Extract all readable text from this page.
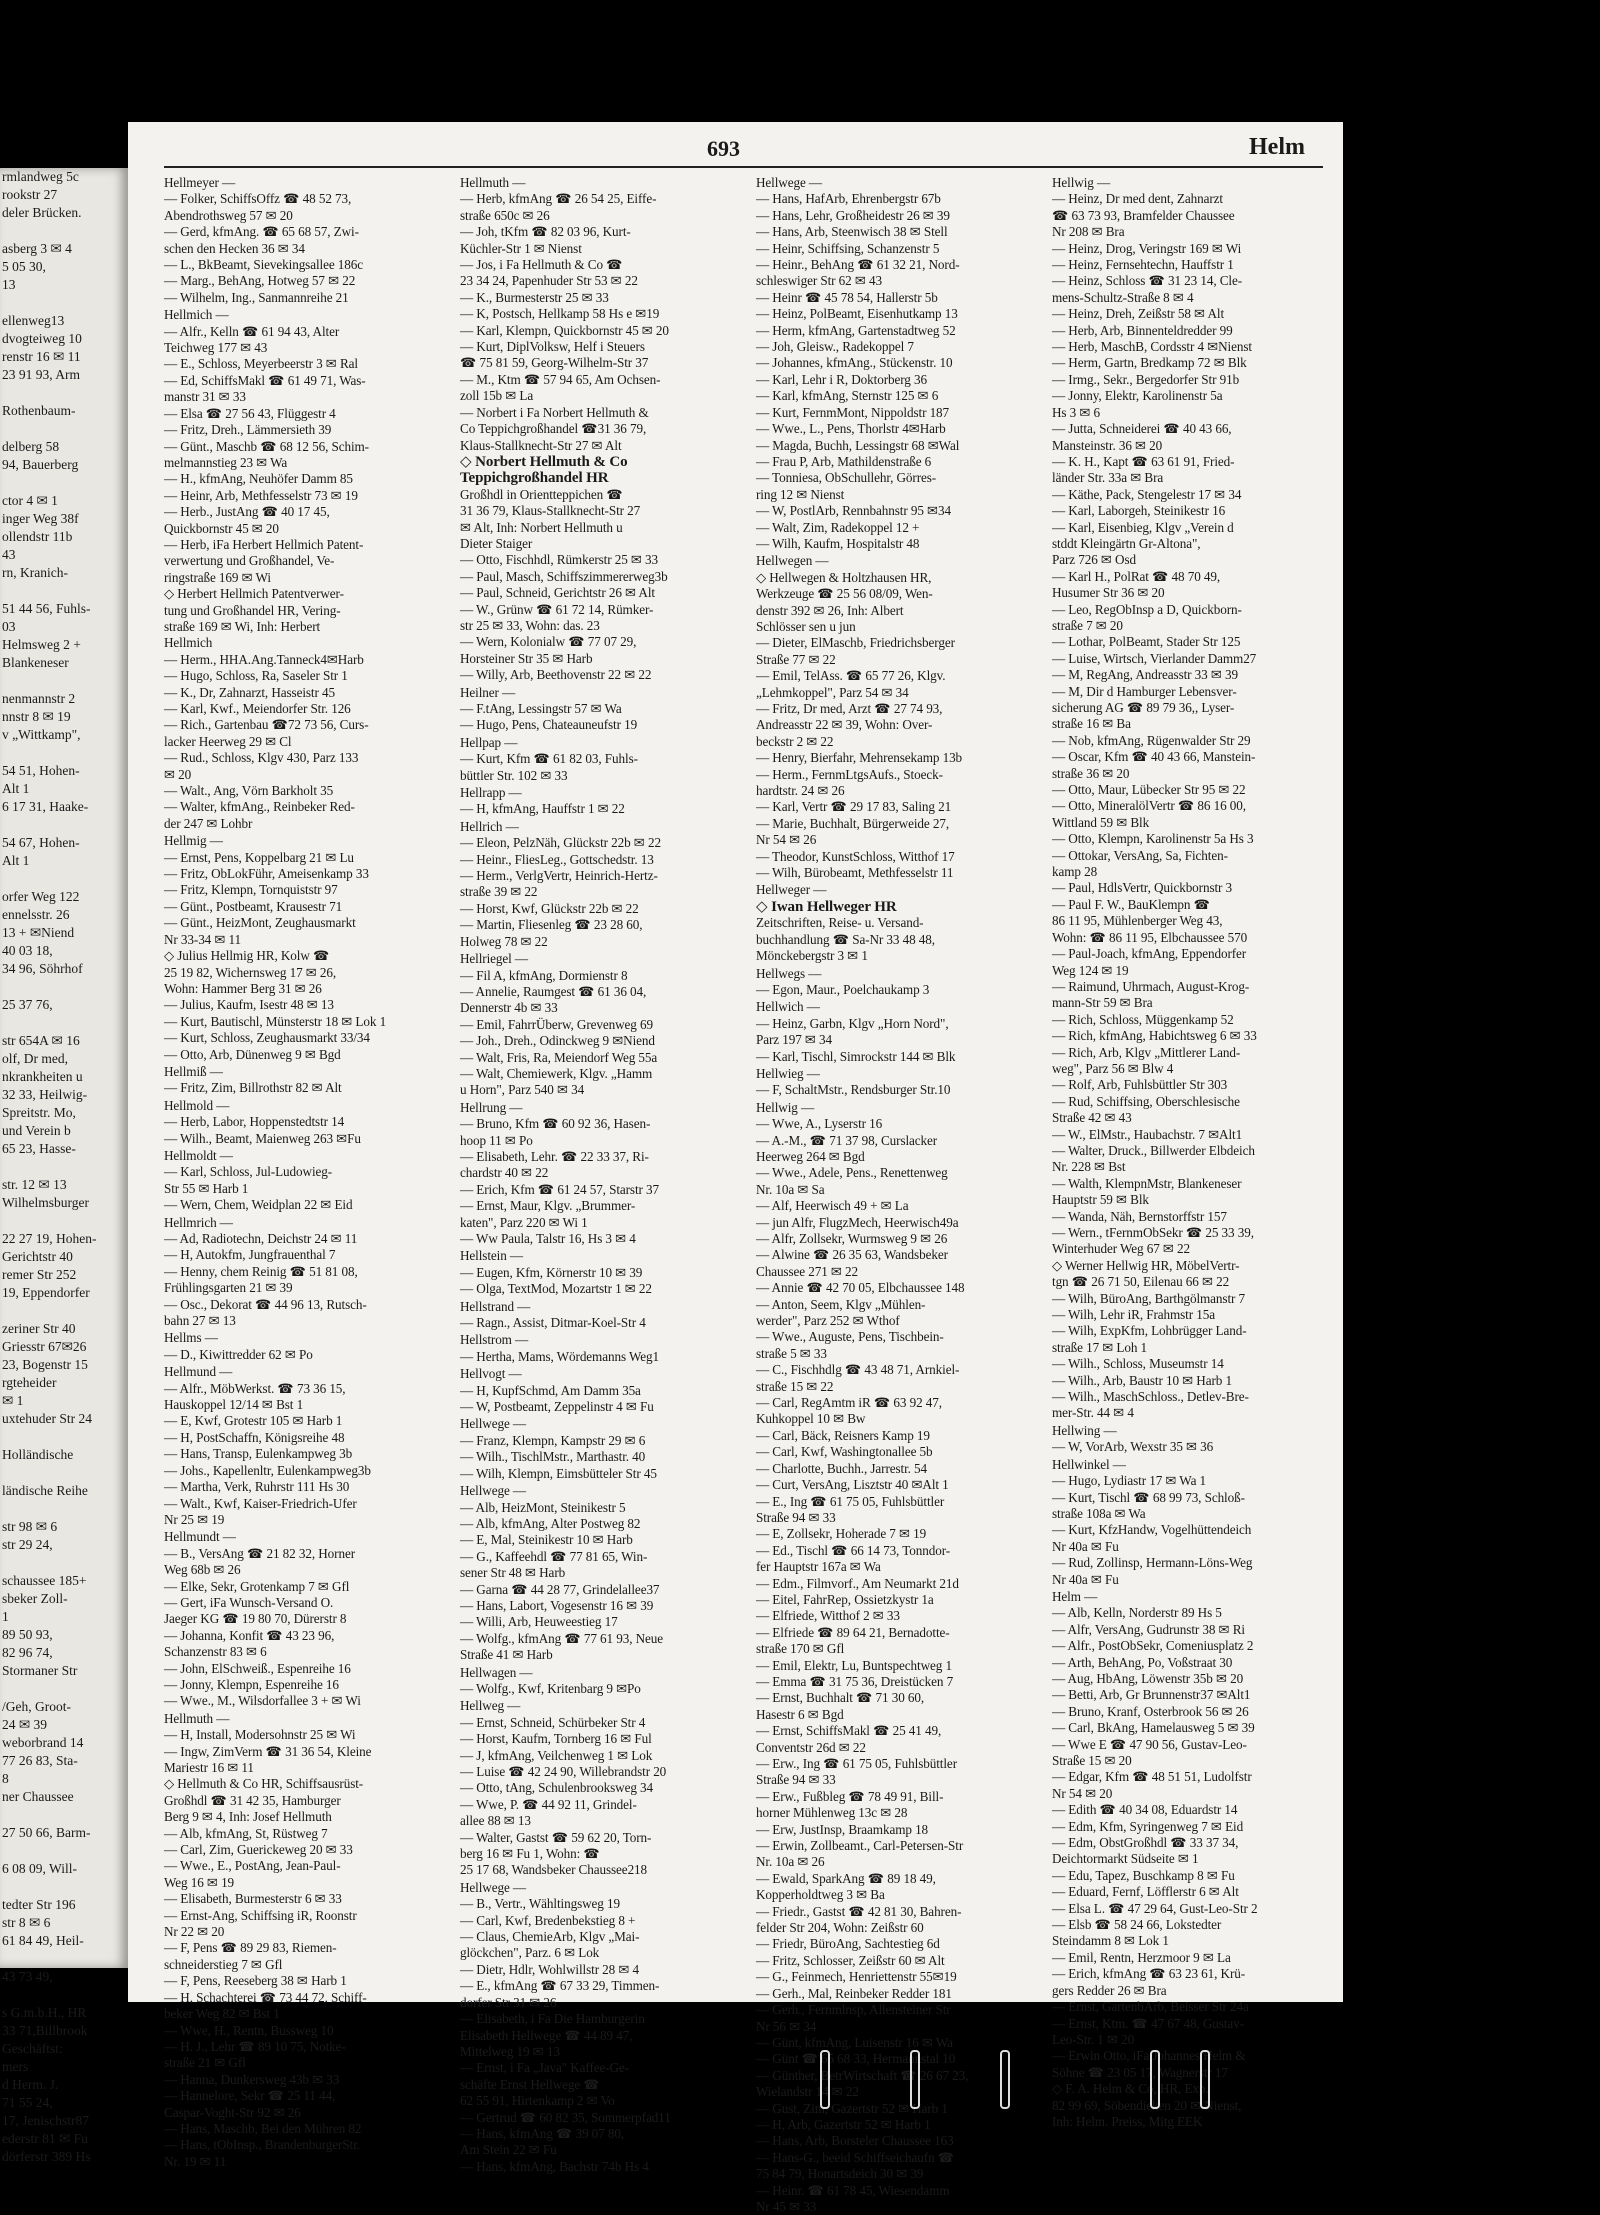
rmlandweg 5c
rookstr 27
deler Brücken.

asberg 3 ✉ 4
5 05 30,
13

ellenweg13
dvogteiweg 10
renstr 16 ✉ 11
23 91 93, Arm

Rothenbaum-

delberg 58
94, Bauerberg

ctor 4 ✉ 1
inger Weg 38f
ollendstr 11b
43
rn, Kranich-

51 44 56, Fuhls-
03
Helmsweg 2 +
Blankeneser

nenmannstr 2
nnstr 8 ✉ 19
v „Wittkamp",

54 51, Hohen-
Alt 1
6 17 31, Haake-

54 67, Hohen-
Alt 1

orfer Weg 122
ennelsstr. 26
13 + ✉Niend
40 03 18,
34 96, Söhrhof

25 37 76,

str 654A ✉ 16
olf, Dr med,
nkrankheiten u
32 33, Heilwig-
Spreitstr. Mo,
und Verein b
65 23, Hasse-

str. 12 ✉ 13
Wilhelmsburger

22 27 19, Hohen-
Gerichtstr 40
remer Str 252
19, Eppendorfer

zeriner Str 40
Griesstr 67✉26
23, Bogenstr 15
rgteheider
✉ 1
uxtehuder Str 24

Holländische

ländische Reihe

str 98 ✉ 6
str 29 24,

schaussee 185+
sbeker Zoll-
1
89 50 93,
82 96 74,
Stormaner Str

/Geh, Groot-
24 ✉ 39
weborbrand 14
77 26 83, Sta-
8
ner Chaussee

27 50 66, Barm-

6 08 09, Will-

tedter Str 196
str 8 ✉ 6
61 84 49, Heil-

43 73 49,

s G.m.b.H., HR
33 71,Billbrook
Geschäftst:
mers
d Herm. J.
71 55 24,
17, Jenischstr87
ederstr 81 ✉ Fu
dörferstr 389 Hs
693	Helm
Hellmeyer —
— Folker, SchiffsOffz ☎ 48 52 73,
Abendrothsweg 57 ✉ 20
— Gerd, kfmAng. ☎ 65 68 57, Zwi-
schen den Hecken 36 ✉ 34
— L., BkBeamt, Sievekingsallee 186c
— Marg., BehAng, Hotweg 57 ✉ 22
— Wilhelm, Ing., Sanmannreihe 21
Hellmich —
— Alfr., Kelln ☎ 61 94 43, Alter
Teichweg 177 ✉ 43
— E., Schloss, Meyerbeerstr 3 ✉ Ral
— Ed, SchiffsMakl ☎ 61 49 71, Was-
manstr 31 ✉ 33
— Elsa ☎ 27 56 43, Flüggestr 4
— Fritz, Dreh., Lämmersieth 39
— Günt., Maschb ☎ 68 12 56, Schim-
melmannstieg 23 ✉ Wa
— H., kfmAng, Neuhöfer Damm 85
— Heinr, Arb, Methfesselstr 73 ✉ 19
— Herb., JustAng ☎ 40 17 45,
Quickbornstr 45 ✉ 20
— Herb, iFa Herbert Hellmich Patent-
verwertung und Großhandel, Ve-
ringstraße 169 ✉ Wi
◇ Herbert Hellmich Patentverwer-
tung und Großhandel HR, Vering-
straße 169 ✉ Wi, Inh: Herbert
Hellmich
— Herm., HHA.Ang.Tanneck4✉Harb
— Hugo, Schloss, Ra, Saseler Str 1
— K., Dr, Zahnarzt, Hasseistr 45
— Karl, Kwf., Meiendorfer Str. 126
— Rich., Gartenbau ☎72 73 56, Curs-
lacker Heerweg 29 ✉ Cl
— Rud., Schloss, Klgv 430, Parz 133
✉ 20
— Walt., Ang, Vörn Barkholt 35
— Walter, kfmAng., Reinbeker Red-
der 247 ✉ Lohbr
Hellmig —
— Ernst, Pens, Koppelbarg 21 ✉ Lu
— Fritz, ObLokFühr, Ameisenkamp 33
— Fritz, Klempn, Tornquiststr 97
— Günt., Postbeamt, Krausestr 71
— Günt., HeizMont, Zeughausmarkt
Nr 33-34 ✉ 11
◇ Julius Hellmig HR, Kolw ☎
25 19 82, Wichernsweg 17 ✉ 26,
Wohn: Hammer Berg 31 ✉ 26
— Julius, Kaufm, Isestr 48 ✉ 13
— Kurt, Bautischl, Münsterstr 18 ✉ Lok 1
— Kurt, Schloss, Zeughausmarkt 33/34
— Otto, Arb, Dünenweg 9 ✉ Bgd
Hellmiß —
— Fritz, Zim, Billrothstr 82 ✉ Alt
Hellmold —
— Herb, Labor, Hoppenstedtstr 14
— Wilh., Beamt, Maienweg 263 ✉Fu
Hellmoldt —
— Karl, Schloss, Jul-Ludowieg-
Str 55 ✉ Harb 1
— Wern, Chem, Weidplan 22 ✉ Eid
Hellmrich —
— Ad, Radiotechn, Deichstr 24 ✉ 11
— H, Autokfm, Jungfrauenthal 7
— Henny, chem Reinig ☎ 51 81 08,
Frühlingsgarten 21 ✉ 39
— Osc., Dekorat ☎ 44 96 13, Rutsch-
bahn 27 ✉ 13
Hellms —
— D., Kiwittredder 62 ✉ Po
Hellmund —
— Alfr., MöbWerkst. ☎ 73 36 15,
Hauskoppel 12/14 ✉ Bst 1
— E, Kwf, Grotestr 105 ✉ Harb 1
— H, PostSchaffn, Königsreihe 48
— Hans, Transp, Eulenkampweg 3b
— Johs., Kapellenltr, Eulenkampweg3b
— Martha, Verk, Ruhrstr 111 Hs 30
— Walt., Kwf, Kaiser-Friedrich-Ufer
Nr 25 ✉ 19
Hellmundt —
— B., VersAng ☎ 21 82 32, Horner
Weg 68b ✉ 26
— Elke, Sekr, Grotenkamp 7 ✉ Gfl
— Gert, iFa Wunsch-Versand O.
Jaeger KG ☎ 19 80 70, Dürerstr 8
— Johanna, Konfit ☎ 43 23 96,
Schanzenstr 83 ✉ 6
— John, ElSchweiß., Espenreihe 16
— Jonny, Klempn, Espenreihe 16
— Wwe., M., Wilsdorfallee 3 + ✉ Wi
Hellmuth —
— H, Install, Modersohnstr 25 ✉ Wi
— Ingw, ZimVerm ☎ 31 36 54, Kleine
Mariestr 16 ✉ 11
◇ Hellmuth & Co HR, Schiffsausrüst-
Großhdl ☎ 31 42 35, Hamburger
Berg 9 ✉ 4, Inh: Josef Hellmuth
— Alb, kfmAng, St, Rüstweg 7
— Carl, Zim, Guerickeweg 20 ✉ 33
— Wwe., E., PostAng, Jean-Paul-
Weg 16 ✉ 19
— Elisabeth, Burmesterstr 6 ✉ 33
— Ernst-Ang, Schiffsing iR, Roonstr
Nr 22 ✉ 20
— F, Pens ☎ 89 29 83, Riemen-
schneiderstieg 7 ✉ Gfl
— F, Pens, Reeseberg 38 ✉ Harb 1
— H, Schachterei ☎ 73 44 72, Schiff-
beker Weg 82 ✉ Bst 1
— Wwe, H., Rentn, Bussweg 10
— H. J., Lehr ☎ 89 10 75, Notke-
straße 21 ✉ Gfl
— Hanna, Dunkersweg 43b ✉ 33
— Hannelore, Sekr ☎ 25 11 44,
Caspar-Voght-Str 92 ✉ 26
— Hans, Maschb, Bei den Mühren 82
— Hans, tObInsp., BrandenburgerStr.
Nr. 19 ✉ 11
Hellmuth —
— Herb, kfmAng ☎ 26 54 25, Eiffe-
straße 650c ✉ 26
— Joh, tKfm ☎ 82 03 96, Kurt-
Küchler-Str 1 ✉ Nienst
— Jos, i Fa Hellmuth & Co ☎
23 34 24, Papenhuder Str 53 ✉ 22
— K., Burmesterstr 25 ✉ 33
— K, Postsch, Hellkamp 58 Hs e ✉19
— Karl, Klempn, Quickbornstr 45 ✉ 20
— Kurt, DiplVolksw, Helf i Steuers
☎ 75 81 59, Georg-Wilhelm-Str 37
— M., Ktm ☎ 57 94 65, Am Ochsen-
zoll 15b ✉ La
— Norbert i Fa Norbert Hellmuth &
Co Teppichgroßhandel ☎31 36 79,
Klaus-Stallknecht-Str 27 ✉ Alt
◇ Norbert Hellmuth & Co
Teppichgroßhandel HR
Großhdl in Orientteppichen ☎
31 36 79, Klaus-Stallknecht-Str 27
✉ Alt, Inh: Norbert Hellmuth u
Dieter Staiger
— Otto, Fischhdl, Rümkerstr 25 ✉ 33
— Paul, Masch, Schiffszimmererweg3b
— Paul, Schneid, Gerichtstr 26 ✉ Alt
— W., Grünw ☎ 61 72 14, Rümker-
str 25 ✉ 33, Wohn: das. 23
— Wern, Kolonialw ☎ 77 07 29,
Horsteiner Str 35 ✉ Harb
— Willy, Arb, Beethovenstr 22 ✉ 22
Heilner —
— F.tAng, Lessingstr 57 ✉ Wa
— Hugo, Pens, Chateauneufstr 19
Hellpap —
— Kurt, Kfm ☎ 61 82 03, Fuhls-
büttler Str. 102 ✉ 33
Hellrapp —
— H, kfmAng, Hauffstr 1 ✉ 22
Hellrich —
— Eleon, PelzNäh, Glückstr 22b ✉ 22
— Heinr., FliesLeg., Gottschedstr. 13
— Herm., VerlgVertr, Heinrich-Hertz-
straße 39 ✉ 22
— Horst, Kwf, Glückstr 22b ✉ 22
— Martin, Fliesenleg ☎ 23 28 60,
Holweg 78 ✉ 22
Hellriegel —
— Fil A, kfmAng, Dormienstr 8
— Annelie, Raumgest ☎ 61 36 04,
Dennerstr 4b ✉ 33
— Emil, FahrrÜberw, Grevenweg 69
— Joh., Dreh., Odinckweg 9 ✉Niend
— Walt, Fris, Ra, Meiendorf Weg 55a
— Walt, Chemiewerk, Klgv. „Hamm
u Horn", Parz 540 ✉ 34
Hellrung —
— Bruno, Kfm ☎ 60 92 36, Hasen-
hoop 11 ✉ Po
— Elisabeth, Lehr. ☎ 22 33 37, Ri-
chardstr 40 ✉ 22
— Erich, Kfm ☎ 61 24 57, Starstr 37
— Ernst, Maur, Klgv. „Brummer-
katen", Parz 220 ✉ Wi 1
— Ww Paula, Talstr 16, Hs 3 ✉ 4
Hellstein —
— Eugen, Kfm, Körnerstr 10 ✉ 39
— Olga, TextMod, Mozartstr 1 ✉ 22
Hellstrand —
— Ragn., Assist, Ditmar-Koel-Str 4
Hellstrom —
— Hertha, Mams, Wördemanns Weg1
Hellvogt —
— H, KupfSchmd, Am Damm 35a
— W, Postbeamt, Zeppelinstr 4 ✉ Fu
Hellwege —
— Franz, Klempn, Kampstr 29 ✉ 6
— Wilh., TischlMstr., Marthastr. 40
— Wilh, Klempn, Eimsbütteler Str 45
Hellwege —
— Alb, HeizMont, Steinikestr 5
— Alb, kfmAng, Alter Postweg 82
— E, Mal, Steinikestr 10 ✉ Harb
— G., Kaffeehdl ☎ 77 81 65, Win-
sener Str 48 ✉ Harb
— Garna ☎ 44 28 77, Grindelallee37
— Hans, Labort, Vogesenstr 16 ✉ 39
— Willi, Arb, Heuweestieg 17
— Wolfg., kfmAng ☎ 77 61 93, Neue
Straße 41 ✉ Harb
Hellwagen —
— Wolfg., Kwf, Kritenbarg 9 ✉Po
Hellweg —
— Ernst, Schneid, Schürbeker Str 4
— Horst, Kaufm, Tornberg 16 ✉ Ful
— J, kfmAng, Veilchenweg 1 ✉ Lok
— Luise ☎ 42 24 90, Willebrandstr 20
— Otto, tAng, Schulenbrooksweg 34
— Wwe, P. ☎ 44 92 11, Grindel-
allee 88 ✉ 13
— Walter, Gastst ☎ 59 62 20, Torn-
berg 16 ✉ Fu 1, Wohn: ☎
25 17 68, Wandsbeker Chaussee218
Hellwege —
— B., Vertr., Wähltingsweg 19
— Carl, Kwf, Bredenbekstieg 8 +
— Claus, ChemieArb, Klgv „Mai-
glöckchen", Parz. 6 ✉ Lok
— Dietr, Hdlr, Wohlwillstr 28 ✉ 4
— E., kfmAng ☎ 67 33 29, Timmen-
dorfer Str 31 ✉ 26
— Elisabeth, i Fa Die Hamburgerin
Elisabeth Hellwege ☎ 44 89 47,
Mittelweg 19 ✉ 13
— Ernst, i Fa „Java" Kaffee-Ge-
schäfte Ernst Hellwege ☎
62 55 91, Hirtenkamp 2 ✉ Vo
— Gertrud ☎ 60 82 35, Sommerpfad11
— Hans, kfmAng ☎ 39 07 80,
Am Stein 22 ✉ Fu
— Hans, kfmAng, Bachstr 74b Hs 4
Hellwege —
— Hans, HafArb, Ehrenbergstr 67b
— Hans, Lehr, Großheidestr 26 ✉ 39
— Hans, Arb, Steenwisch 38 ✉ Stell
— Heinr, Schiffsing, Schanzenstr 5
— Heinr., BehAng ☎ 61 32 21, Nord-
schleswiger Str 62 ✉ 43
— Heinr ☎ 45 78 54, Hallerstr 5b
— Heinz, PolBeamt, Eisenhutkamp 13
— Herm, kfmAng, Gartenstadtweg 52
— Joh, Gleisw., Radekoppel 7
— Johannes, kfmAng., Stückenstr. 10
— Karl, Lehr i R, Doktorberg 36
— Karl, kfmAng, Sternstr 125 ✉ 6
— Kurt, FernmMont, Nippoldstr 187
— Wwe., L., Pens, Thorlstr 4✉Harb
— Magda, Buchh, Lessingstr 68 ✉Wal
— Frau P, Arb, Mathildenstraße 6
— Tonniesa, ObSchullehr, Görres-
ring 12 ✉ Nienst
— W, PostlArb, Rennbahnstr 95 ✉34
— Walt, Zim, Radekoppel 12 +
— Wilh, Kaufm, Hospitalstr 48
Hellwegen —
◇ Hellwegen & Holtzhausen HR,
Werkzeuge ☎ 25 56 08/09, Wen-
denstr 392 ✉ 26, Inh: Albert
Schlösser sen u jun
— Dieter, ElMaschb, Friedrichsberger
Straße 77 ✉ 22
— Emil, TelAss. ☎ 65 77 26, Klgv.
„Lehmkoppel", Parz 54 ✉ 34
— Fritz, Dr med, Arzt ☎ 27 74 93,
Andreasstr 22 ✉ 39, Wohn: Over-
beckstr 2 ✉ 22
— Henry, Bierfahr, Mehrensekamp 13b
— Herm., FernmLtgsAufs., Stoeck-
hardtstr. 24 ✉ 26
— Karl, Vertr ☎ 29 17 83, Saling 21
— Marie, Buchhalt, Bürgerweide 27,
Nr 54 ✉ 26
— Theodor, KunstSchloss, Witthof 17
— Wilh, Bürobeamt, Methfesselstr 11
Hellweger —
◇ Iwan Hellweger HR
Zeitschriften, Reise- u. Versand-
buchhandlung ☎ Sa-Nr 33 48 48,
Mönckebergstr 3 ✉ 1
Hellwegs —
— Egon, Maur., Poelchaukamp 3
Hellwich —
— Heinz, Garbn, Klgv „Horn Nord",
Parz 197 ✉ 34
— Karl, Tischl, Simrockstr 144 ✉ Blk
Hellwieg —
— F, SchaltMstr., Rendsburger Str.10
Hellwig —
— Wwe, A., Lyserstr 16
— A.-M., ☎ 71 37 98, Curslacker
Heerweg 264 ✉ Bgd
— Wwe., Adele, Pens., Renettenweg
Nr. 10a ✉ Sa
— Alf, Heerwisch 49 + ✉ La
— jun Alfr, FlugzMech, Heerwisch49a
— Alfr, Zollsekr, Wurmsweg 9 ✉ 26
— Alwine ☎ 26 35 63, Wandsbeker
Chaussee 271 ✉ 22
— Annie ☎ 42 70 05, Elbchaussee 148
— Anton, Seem, Klgv „Mühlen-
werder", Parz 252 ✉ Wthof
— Wwe., Auguste, Pens, Tischbein-
straße 5 ✉ 33
— C., Fischhdlg ☎ 43 48 71, Arnkiel-
straße 15 ✉ 22
— Carl, RegAmtm iR ☎ 63 92 47,
Kuhkoppel 10 ✉ Bw
— Carl, Bäck, Reisners Kamp 19
— Carl, Kwf, Washingtonallee 5b
— Charlotte, Buchh., Jarrestr. 54
— Curt, VersAng, Lisztstr 40 ✉Alt 1
— E., Ing ☎ 61 75 05, Fuhlsbüttler
Straße 94 ✉ 33
— E, Zollsekr, Hoherade 7 ✉ 19
— Ed., Tischl ☎ 66 14 73, Tonndor-
fer Hauptstr 167a ✉ Wa
— Edm., Filmvorf., Am Neumarkt 21d
— Eitel, FahrRep, Ossietzkystr 1a
— Elfriede, Witthof 2 ✉ 33
— Elfriede ☎ 89 64 21, Bernadotte-
straße 170 ✉ Gfl
— Emil, Elektr, Lu, Buntspechtweg 1
— Emma ☎ 31 75 36, Dreistücken 7
— Ernst, Buchhalt ☎ 71 30 60,
Hasestr 6 ✉ Bgd
— Ernst, SchiffsMakl ☎ 25 41 49,
Conventstr 26d ✉ 22
— Erw., Ing ☎ 61 75 05, Fuhlsbüttler
Straße 94 ✉ 33
— Erw., Fußbleg ☎ 78 49 91, Bill-
horner Mühlenweg 13c ✉ 28
— Erw, JustInsp, Braamkamp 18
— Erwin, Zollbeamt., Carl-Petersen-Str
Nr. 10a ✉ 26
— Ewald, SparkAng ☎ 89 18 49,
Kopperholdtweg 3 ✉ Ba
— Friedr., Gastst ☎ 42 81 30, Bahren-
felder Str 204, Wohn: Zeißstr 60
— Friedr, BüroAng, Sachtestieg 6d
— Fritz, Schlosser, Zeißstr 60 ✉ Alt
— G., Feinmech, Henriettenstr 55✉19
— Gerh., Mal, Reinbeker Redder 181
— Gerh., Fernmlnsp, Allensteiner Str
Nr 56 ✉ 34
— Günt, kfmAng, Luisenstr 16 ✉ Wa
— Günt ☎ 65 68 33, Hermannstal 10
— Günther, BetrWirtschaft ☎ 26 67 23,
Wielandstr 14 ✉ 22
— Gust, Zim, Gazertstr 52 ✉ Harb 1
— H, Arb, Gazertstr 52 ✉ Harb 1
— Hans, Arb, Borsteler Chaussee 163
— Hans-G., beeid Schiffseichaufn ☎
75 84 79, Honartsdeich 30 ✉ 39
— Heinr. ☎ 61 78 45, Wiesendamm
Nr 45 ✉ 33
Hellwig —
— Heinz, Dr med dent, Zahnarzt
☎ 63 73 93, Bramfelder Chaussee
Nr 208 ✉ Bra
— Heinz, Drog, Veringstr 169 ✉ Wi
— Heinz, Fernsehtechn, Hauffstr 1
— Heinz, Schloss ☎ 31 23 14, Cle-
mens-Schultz-Straße 8 ✉ 4
— Heinz, Dreh, Zeißstr 58 ✉ Alt
— Herb, Arb, Binnenteldredder 99
— Herb, MaschB, Cordsstr 4 ✉Nienst
— Herm, Gartn, Bredkamp 72 ✉ Blk
— Irmg., Sekr., Bergedorfer Str 91b
— Jonny, Elektr, Karolinenstr 5a
Hs 3 ✉ 6
— Jutta, Schneiderei ☎ 40 43 66,
Mansteinstr. 36 ✉ 20
— K. H., Kapt ☎ 63 61 91, Fried-
länder Str. 33a ✉ Bra
— Käthe, Pack, Stengelestr 17 ✉ 34
— Karl, Laborgeh, Steinikestr 16
— Karl, Eisenbieg, Klgv „Verein d
stddt Kleingärtn Gr-Altona",
Parz 726 ✉ Osd
— Karl H., PolRat ☎ 48 70 49,
Husumer Str 36 ✉ 20
— Leo, RegObInsp a D, Quickborn-
straße 7 ✉ 20
— Lothar, PolBeamt, Stader Str 125
— Luise, Wirtsch, Vierlander Damm27
— M, RegAng, Andreasstr 33 ✉ 39
— M, Dir d Hamburger Lebensver-
sicherung AG ☎ 89 79 36,, Lyser-
straße 16 ✉ Ba
— Nob, kfmAng, Rügenwalder Str 29
— Oscar, Kfm ☎ 40 43 66, Manstein-
straße 36 ✉ 20
— Otto, Maur, Lübecker Str 95 ✉ 22
— Otto, MineralölVertr ☎ 86 16 00,
Wittland 59 ✉ Blk
— Otto, Klempn, Karolinenstr 5a Hs 3
— Ottokar, VersAng, Sa, Fichten-
kamp 28
— Paul, HdlsVertr, Quickbornstr 3
— Paul F. W., BauKlempn ☎
86 11 95, Mühlenberger Weg 43,
Wohn: ☎ 86 11 95, Elbchaussee 570
— Paul-Joach, kfmAng, Eppendorfer
Weg 124 ✉ 19
— Raimund, Uhrmach, August-Krog-
mann-Str 59 ✉ Bra
— Rich, Schloss, Müggenkamp 52
— Rich, kfmAng, Habichtsweg 6 ✉ 33
— Rich, Arb, Klgv „Mittlerer Land-
weg", Parz 56 ✉ Blw 4
— Rolf, Arb, Fuhlsbüttler Str 303
— Rud, Schiffsing, Oberschlesische
Straße 42 ✉ 43
— W., ElMstr., Haubachstr. 7 ✉Alt1
— Walter, Druck., Billwerder Elbdeich
Nr. 228 ✉ Bst
— Walth, KlempnMstr, Blankeneser
Hauptstr 59 ✉ Blk
— Wanda, Näh, Bernstorffstr 157
— Wern., tFernmObSekr ☎ 25 33 39,
Winterhuder Weg 67 ✉ 22
◇ Werner Hellwig HR, MöbelVertr-
tgn ☎ 26 71 50, Eilenau 66 ✉ 22
— Wilh, BüroAng, Barthgölmanstr 7
— Wilh, Lehr iR, Frahmstr 15a
— Wilh, ExpKfm, Lohbrügger Land-
straße 17 ✉ Loh 1
— Wilh., Schloss, Museumstr 14
— Wilh., Arb, Baustr 10 ✉ Harb 1
— Wilh., MaschSchloss., Detlev-Bre-
mer-Str. 44 ✉ 4
Hellwing —
— W, VorArb, Wexstr 35 ✉ 36
Hellwinkel —
— Hugo, Lydiastr 17 ✉ Wa 1
— Kurt, Tischl ☎ 68 99 73, Schloß-
straße 108a ✉ Wa
— Kurt, KfzHandw, Vogelhüttendeich
Nr 40a ✉ Fu
— Rud, Zollinsp, Hermann-Löns-Weg
Nr 40a ✉ Fu
Helm —
— Alb, Kelln, Norderstr 89 Hs 5
— Alfr, VersAng, Gudrunstr 38 ✉ Ri
— Alfr., PostObSekr, Comeniusplatz 2
— Arth, BehAng, Po, Voßstraat 30
— Aug, HbAng, Löwenstr 35b ✉ 20
— Betti, Arb, Gr Brunnenstr37 ✉Alt1
— Bruno, Kranf, Osterbrook 56 ✉ 26
— Carl, BkAng, Hamelausweg 5 ✉ 39
— Wwe E ☎ 47 90 56, Gustav-Leo-
Straße 15 ✉ 20
— Edgar, Kfm ☎ 48 51 51, Ludolfstr
Nr 54 ✉ 20
— Edith ☎ 40 34 08, Eduardstr 14
— Edm, Kfm, Syringenweg 7 ✉ Eid
— Edm, ObstGroßhdl ☎ 33 37 34,
Deichtormarkt Südseite ✉ 1
— Edu, Tapez, Buschkamp 8 ✉ Fu
— Eduard, Fernf, Löfflerstr 6 ✉ Alt
— Elsa L. ☎ 47 29 64, Gust-Leo-Str 2
— Elsb ☎ 58 24 66, Lokstedter
Steindamm 8 ✉ Lok 1
— Emil, Rentn, Herzmoor 9 ✉ La
— Erich, kfmAng ☎ 63 23 61, Krü-
gers Redder 26 ✉ Bra
— Ernst, GartenbArb, Beisser Str 24a
— Ernst, Ktm. ☎ 47 67 48, Gustav-
Leo-Str. 1 ✉ 20
— Erwin Otto, iFa Johannes Helm &
Söhne ☎ 23 05 17, Wagnerstr 17
◇ F. A. Helm & Co, HR, Exp.
82 99 69, Söbendieken 20 ✉ Nienst,
Inh: Helm. Preiss, Mitg EEK
